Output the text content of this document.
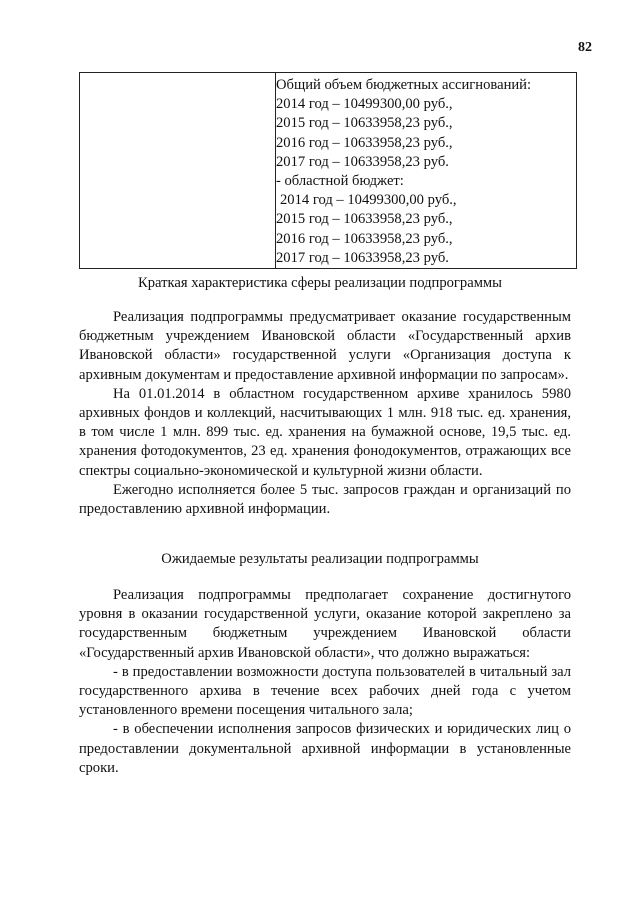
82

Общий объем бюджетных ассигнований:
2014 год – 10499300,00 руб.,
2015 год – 10633958,23 руб.,
2016 год – 10633958,23 руб.,
2017 год – 10633958,23 руб.
- областной бюджет:
2014 год – 10499300,00 руб.,
2015 год – 10633958,23 руб.,
2016 год – 10633958,23 руб.,
2017 год – 10633958,23 руб.
Краткая характеристика сферы реализации подпрограммы

Реализация подпрограммы предусматривает оказание государственным бюджетным учреждением Ивановской области «Государственный архив Ивановской области» государственной услуги «Организация доступа к архивным документам и предоставление архивной информации по запросам».

На 01.01.2014 в областном государственном архиве хранилось 5980 архивных фондов и коллекций, насчитывающих 1 млн. 918 тыс. ед. хранения, в том числе 1 млн. 899 тыс. ед. хранения на бумажной основе, 19,5 тыс. ед. хранения фотодокументов, 23 ед. хранения фонодокументов, отражающих все спектры социально-экономической и культурной жизни области.

Ежегодно исполняется более 5 тыс. запросов граждан и организаций по предоставлению архивной информации.

Ожидаемые результаты реализации подпрограммы

Реализация подпрограммы предполагает сохранение достигнутого уровня в оказании государственной услуги, оказание которой закреплено за государственным бюджетным учреждением Ивановской области «Государственный архив Ивановской области», что должно выражаться:

- в предоставлении возможности доступа пользователей в читальный зал государственного архива в течение всех рабочих дней года с учетом установленного времени посещения читального зала;

- в обеспечении исполнения запросов физических и юридических лиц о предоставлении документальной архивной информации в установленные сроки.
